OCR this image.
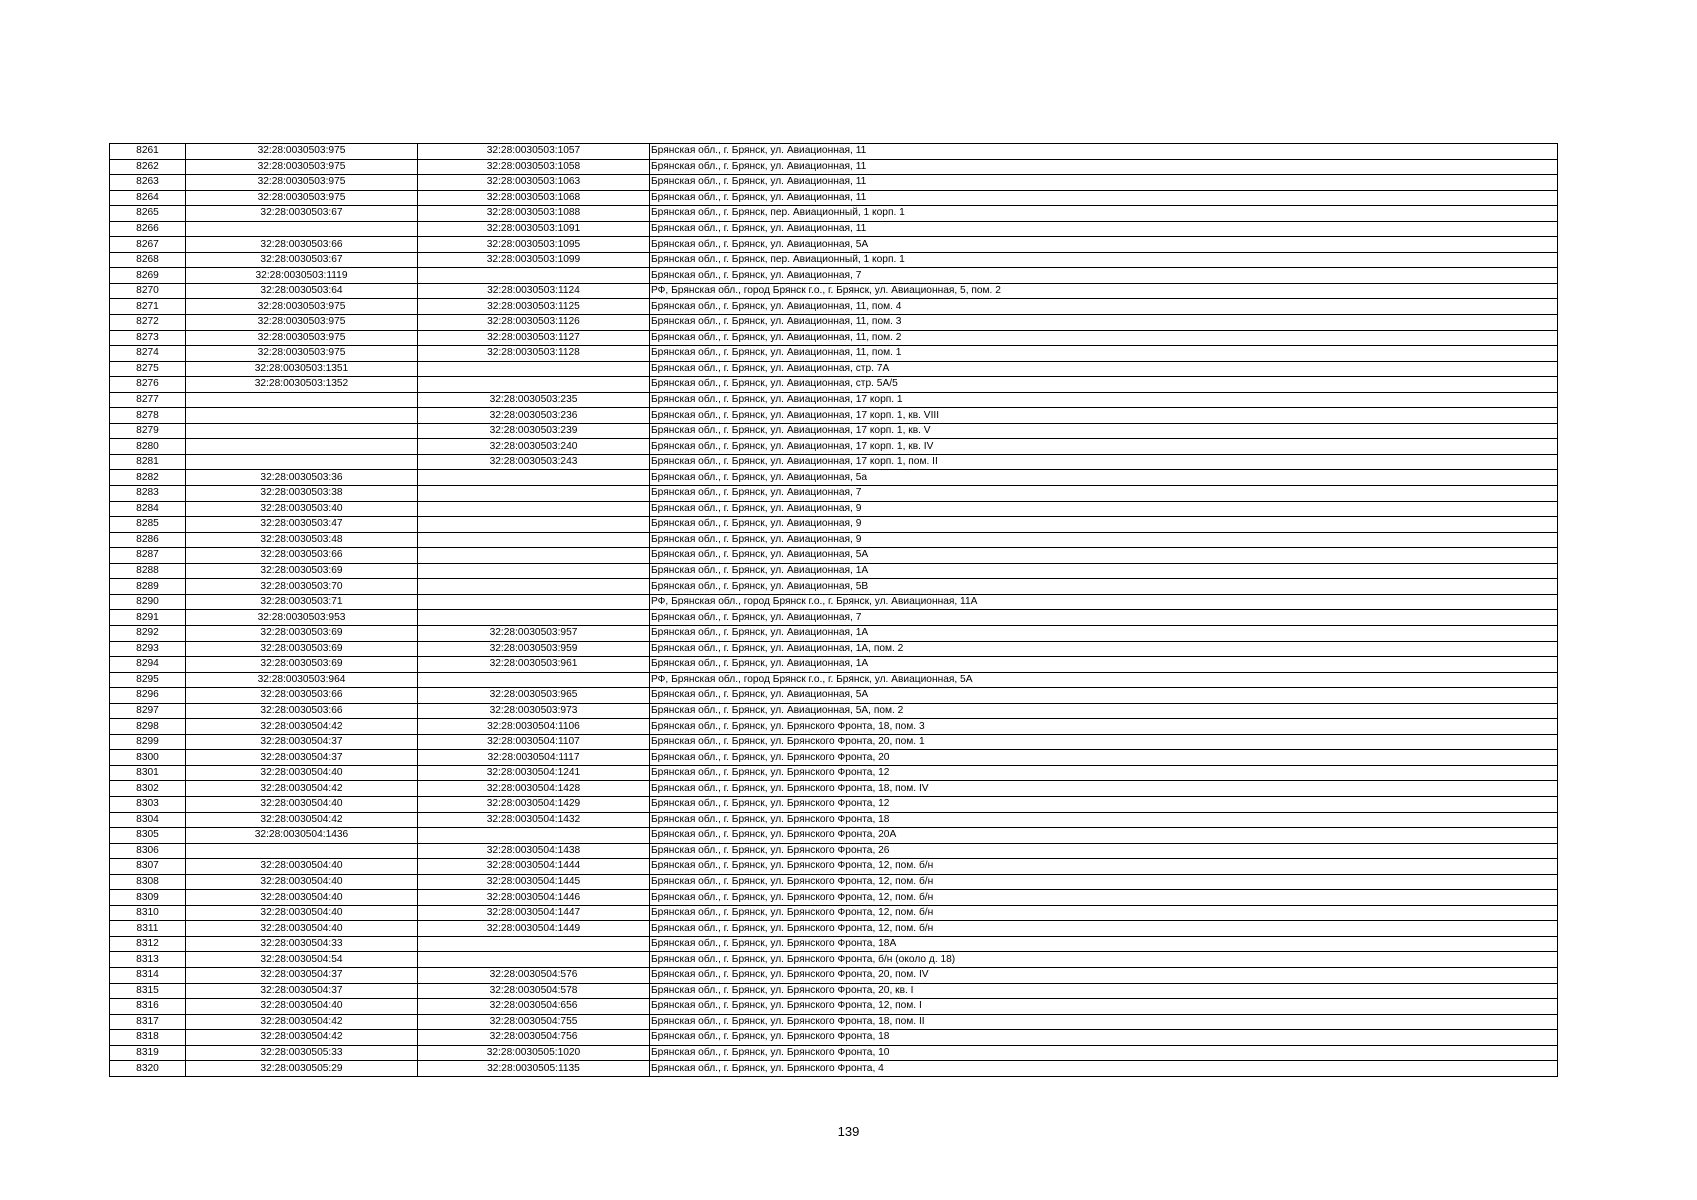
8261	32:28:0030503:975	32:28:0030503:1057	Брянская обл., г. Брянск, ул. Авиационная, 11
8262	32:28:0030503:975	32:28:0030503:1058	Брянская обл., г. Брянск, ул. Авиационная, 11
8263	32:28:0030503:975	32:28:0030503:1063	Брянская обл., г. Брянск, ул. Авиационная, 11
8264	32:28:0030503:975	32:28:0030503:1068	Брянская обл., г. Брянск, ул. Авиационная, 11
8265	32:28:0030503:67	32:28:0030503:1088	Брянская обл., г. Брянск, пер. Авиационный, 1 корп. 1
8266		32:28:0030503:1091	Брянская обл., г. Брянск, ул. Авиационная, 11
8267	32:28:0030503:66	32:28:0030503:1095	Брянская обл., г. Брянск, ул. Авиационная, 5А
8268	32:28:0030503:67	32:28:0030503:1099	Брянская обл., г. Брянск, пер. Авиационный, 1 корп. 1
8269	32:28:0030503:1119		Брянская обл., г. Брянск, ул. Авиационная, 7
8270	32:28:0030503:64	32:28:0030503:1124	РФ, Брянская обл., город Брянск г.о., г. Брянск, ул. Авиационная, 5, пом. 2
8271	32:28:0030503:975	32:28:0030503:1125	Брянская обл., г. Брянск, ул. Авиационная, 11, пом. 4
8272	32:28:0030503:975	32:28:0030503:1126	Брянская обл., г. Брянск, ул. Авиационная, 11, пом. 3
8273	32:28:0030503:975	32:28:0030503:1127	Брянская обл., г. Брянск, ул. Авиационная, 11, пом. 2
8274	32:28:0030503:975	32:28:0030503:1128	Брянская обл., г. Брянск, ул. Авиационная, 11, пом. 1
8275	32:28:0030503:1351		Брянская обл., г. Брянск, ул. Авиационная, стр. 7А
8276	32:28:0030503:1352		Брянская обл., г. Брянск, ул. Авиационная, стр. 5А/5
8277		32:28:0030503:235	Брянская обл., г. Брянск, ул. Авиационная, 17 корп. 1
8278		32:28:0030503:236	Брянская обл., г. Брянск, ул. Авиационная, 17 корп. 1, кв. VIII
8279		32:28:0030503:239	Брянская обл., г. Брянск, ул. Авиационная, 17 корп. 1, кв. V
8280		32:28:0030503:240	Брянская обл., г. Брянск, ул. Авиационная, 17 корп. 1, кв. IV
8281		32:28:0030503:243	Брянская обл., г. Брянск, ул. Авиационная, 17 корп. 1, пом. II
8282	32:28:0030503:36		Брянская обл., г. Брянск, ул. Авиационная, 5а
8283	32:28:0030503:38		Брянская обл., г. Брянск, ул. Авиационная, 7
8284	32:28:0030503:40		Брянская обл., г. Брянск, ул. Авиационная, 9
8285	32:28:0030503:47		Брянская обл., г. Брянск, ул. Авиационная, 9
8286	32:28:0030503:48		Брянская обл., г. Брянск, ул. Авиационная, 9
8287	32:28:0030503:66		Брянская обл., г. Брянск, ул. Авиационная, 5А
8288	32:28:0030503:69		Брянская обл., г. Брянск, ул. Авиационная, 1А
8289	32:28:0030503:70		Брянская обл., г. Брянск, ул. Авиационная, 5В
8290	32:28:0030503:71		РФ, Брянская обл., город Брянск г.о., г. Брянск, ул. Авиационная, 11А
8291	32:28:0030503:953		Брянская обл., г. Брянск, ул. Авиационная, 7
8292	32:28:0030503:69	32:28:0030503:957	Брянская обл., г. Брянск, ул. Авиационная, 1А
8293	32:28:0030503:69	32:28:0030503:959	Брянская обл., г. Брянск, ул. Авиационная, 1А, пом. 2
8294	32:28:0030503:69	32:28:0030503:961	Брянская обл., г. Брянск, ул. Авиационная, 1А
8295	32:28:0030503:964		РФ, Брянская обл., город Брянск г.о., г. Брянск, ул. Авиационная, 5А
8296	32:28:0030503:66	32:28:0030503:965	Брянская обл., г. Брянск, ул. Авиационная, 5А
8297	32:28:0030503:66	32:28:0030503:973	Брянская обл., г. Брянск, ул. Авиационная, 5А, пом. 2
8298	32:28:0030504:42	32:28:0030504:1106	Брянская обл., г. Брянск, ул. Брянского Фронта, 18, пом. 3
8299	32:28:0030504:37	32:28:0030504:1107	Брянская обл., г. Брянск, ул. Брянского Фронта, 20, пом. 1
8300	32:28:0030504:37	32:28:0030504:1117	Брянская обл., г. Брянск, ул. Брянского Фронта, 20
8301	32:28:0030504:40	32:28:0030504:1241	Брянская обл., г. Брянск, ул. Брянского Фронта, 12
8302	32:28:0030504:42	32:28:0030504:1428	Брянская обл., г. Брянск, ул. Брянского Фронта, 18, пом. IV
8303	32:28:0030504:40	32:28:0030504:1429	Брянская обл., г. Брянск, ул. Брянского Фронта, 12
8304	32:28:0030504:42	32:28:0030504:1432	Брянская обл., г. Брянск, ул. Брянского Фронта, 18
8305	32:28:0030504:1436		Брянская обл., г. Брянск, ул. Брянского Фронта, 20А
8306		32:28:0030504:1438	Брянская обл., г. Брянск, ул. Брянского Фронта, 26
8307	32:28:0030504:40	32:28:0030504:1444	Брянская обл., г. Брянск, ул. Брянского Фронта, 12, пом. б/н
8308	32:28:0030504:40	32:28:0030504:1445	Брянская обл., г. Брянск, ул. Брянского Фронта, 12, пом. б/н
8309	32:28:0030504:40	32:28:0030504:1446	Брянская обл., г. Брянск, ул. Брянского Фронта, 12, пом. б/н
8310	32:28:0030504:40	32:28:0030504:1447	Брянская обл., г. Брянск, ул. Брянского Фронта, 12, пом. б/н
8311	32:28:0030504:40	32:28:0030504:1449	Брянская обл., г. Брянск, ул. Брянского Фронта, 12, пом. б/н
8312	32:28:0030504:33		Брянская обл., г. Брянск, ул. Брянского Фронта, 18А
8313	32:28:0030504:54		Брянская обл., г. Брянск, ул. Брянского Фронта, б/н (около д. 18)
8314	32:28:0030504:37	32:28:0030504:576	Брянская обл., г. Брянск, ул. Брянского Фронта, 20, пом. IV
8315	32:28:0030504:37	32:28:0030504:578	Брянская обл., г. Брянск, ул. Брянского Фронта, 20, кв. I
8316	32:28:0030504:40	32:28:0030504:656	Брянская обл., г. Брянск, ул. Брянского Фронта, 12, пом. I
8317	32:28:0030504:42	32:28:0030504:755	Брянская обл., г. Брянск, ул. Брянского Фронта, 18, пом. II
8318	32:28:0030504:42	32:28:0030504:756	Брянская обл., г. Брянск, ул. Брянского Фронта, 18
8319	32:28:0030505:33	32:28:0030505:1020	Брянская обл., г. Брянск, ул. Брянского Фронта, 10
8320	32:28:0030505:29	32:28:0030505:1135	Брянская обл., г. Брянск, ул. Брянского Фронта, 4
139
